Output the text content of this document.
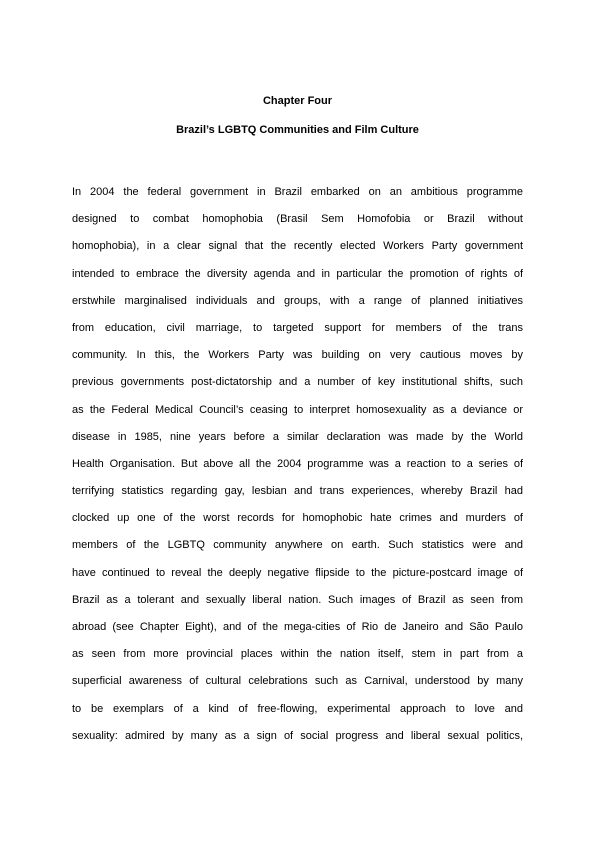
Chapter Four
Brazil’s LGBTQ Communities and Film Culture
In 2004 the federal government in Brazil embarked on an ambitious programme
designed to combat homophobia (Brasil Sem Homofobia or Brazil without
homophobia), in a clear signal that the recently elected Workers Party government
intended to embrace the diversity agenda and in particular the promotion of rights of
erstwhile marginalised individuals and groups, with a range of planned initiatives
from education, civil marriage, to targeted support for members of the trans
community. In this, the Workers Party was building on very cautious moves by
previous governments post-dictatorship and a number of key institutional shifts, such
as the Federal Medical Council’s ceasing to interpret homosexuality as a deviance or
disease in 1985, nine years before a similar declaration was made by the World
Health Organisation. But above all the 2004 programme was a reaction to a series of
terrifying statistics regarding gay, lesbian and trans experiences, whereby Brazil had
clocked up one of the worst records for homophobic hate crimes and murders of
members of the LGBTQ community anywhere on earth. Such statistics were and
have continued to reveal the deeply negative flipside to the picture-postcard image of
Brazil as a tolerant and sexually liberal nation. Such images of Brazil as seen from
abroad (see Chapter Eight), and of the mega-cities of Rio de Janeiro and São Paulo
as seen from more provincial places within the nation itself, stem in part from a
superficial awareness of cultural celebrations such as Carnival, understood by many
to be exemplars of a kind of free-flowing, experimental approach to love and
sexuality: admired by many as a sign of social progress and liberal sexual politics,
